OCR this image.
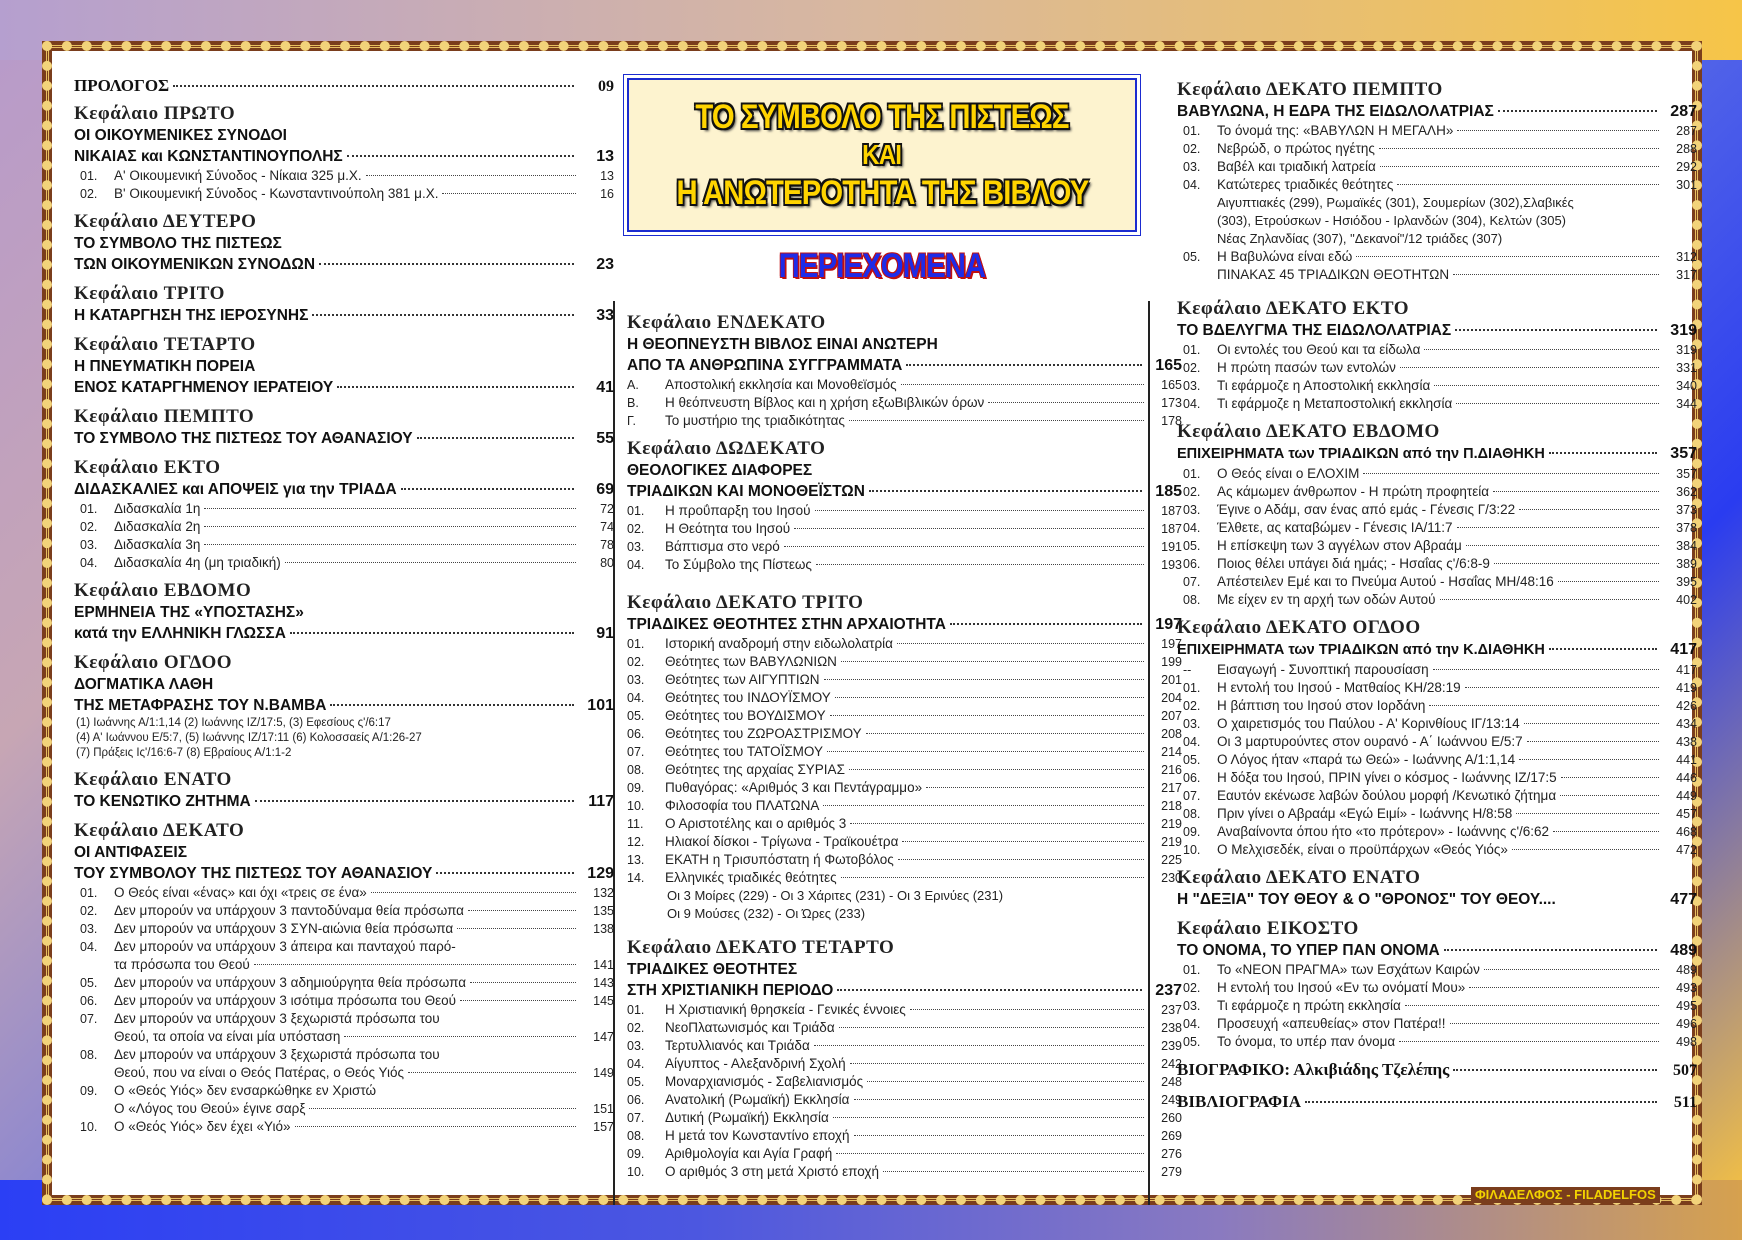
ΠΡΟΛΟΓΟΣ	09
Κεφάλαιο ΠΡΩΤΟ
ΟΙ ΟΙΚΟΥΜΕΝΙΚΕΣ ΣΥΝΟΔΟΙ
ΝΙΚΑΙΑΣ και ΚΩΝΣΤΑΝΤΙΝΟΥΠΟΛΗΣ	13
01.	Α' Οικουμενική Σύνοδος - Νίκαια 325 μ.Χ.	13
02.	Β' Οικουμενική Σύνοδος - Κωνσταντινούπολη 381 μ.Χ.	16
Κεφάλαιο ΔΕΥΤΕΡΟ
ΤΟ ΣΥΜΒΟΛΟ ΤΗΣ ΠΙΣΤΕΩΣ
ΤΩΝ ΟΙΚΟΥΜΕΝΙΚΩΝ ΣΥΝΟΔΩΝ	23
Κεφάλαιο ΤΡΙΤΟ
Η ΚΑΤΑΡΓΗΣΗ ΤΗΣ ΙΕΡΟΣΥΝΗΣ	33
Κεφάλαιο ΤΕΤΑΡΤΟ
Η ΠΝΕΥΜΑΤΙΚΗ ΠΟΡΕΙΑ
ΕΝΟΣ ΚΑΤΑΡΓΗΜΕΝΟΥ ΙΕΡΑΤΕΙΟΥ	41
Κεφάλαιο ΠΕΜΠΤΟ
ΤΟ ΣΥΜΒΟΛΟ ΤΗΣ ΠΙΣΤΕΩΣ ΤΟΥ ΑΘΑΝΑΣΙΟΥ	55
Κεφάλαιο ΕΚΤΟ
ΔΙΔΑΣΚΑΛΙΕΣ και ΑΠΟΨΕΙΣ για την ΤΡΙΑΔΑ	69
01.	Διδασκαλία 1η	72
02.	Διδασκαλία 2η	74
03.	Διδασκαλία 3η	78
04.	Διδασκαλία 4η (μη τριαδική)	80
Κεφάλαιο ΕΒΔΟΜΟ
ΕΡΜΗΝΕΙΑ ΤΗΣ «ΥΠΟΣΤΑΣΗΣ»
κατά την ΕΛΛΗΝΙΚΗ ΓΛΩΣΣΑ	91
Κεφάλαιο ΟΓΔΟΟ
ΔΟΓΜΑΤΙΚΑ ΛΑΘΗ
ΤΗΣ ΜΕΤΑΦΡΑΣΗΣ ΤΟΥ Ν.ΒΑΜΒΑ	101
(1) Ιωάννης Α/1:1,14 (2) Ιωάννης ΙΖ/17:5, (3) Εφεσίους ς'/6:17
(4) Α' Ιωάννου Ε/5:7, (5) Ιωάννης ΙΖ/17:11 (6) Κολοσσαείς Α/1:26-27
(7) Πράξεις Ις'/16:6-7 (8) Εβραίους Α/1:1-2
Κεφάλαιο ΕΝΑΤΟ
ΤΟ ΚΕΝΩΤΙΚΟ ΖΗΤΗΜΑ	117
Κεφάλαιο ΔΕΚΑΤΟ
ΟΙ ΑΝΤΙΦΑΣΕΙΣ
ΤΟΥ ΣΥΜΒΟΛΟΥ ΤΗΣ ΠΙΣΤΕΩΣ ΤΟΥ ΑΘΑΝΑΣΙΟΥ	129
01.	Ο Θεός είναι «ένας» και όχι «τρεις σε ένα»	132
02.	Δεν μπορούν να υπάρχουν 3 παντοδύναμα θεία πρόσωπα	135
03.	Δεν μπορούν να υπάρχουν 3 ΣΥΝ-αιώνια θεία πρόσωπα	138
04.	Δεν μπορούν να υπάρχουν 3 άπειρα και πανταχού παρό-
τα πρόσωπα του Θεού	141
05.	Δεν μπορούν να υπάρχουν 3 αδημιούργητα θεία πρόσωπα	143
06.	Δεν μπορούν να υπάρχουν 3 ισότιμα πρόσωπα του Θεού	145
07.	Δεν μπορούν να υπάρχουν 3 ξεχωριστά πρόσωπα του
Θεού, τα οποία να είναι μία υπόσταση	147
08.	Δεν μπορούν να υπάρχουν 3 ξεχωριστά πρόσωπα του
Θεού, που να είναι ο Θεός Πατέρας, ο Θεός Υιός	149
09.	Ο «Θεός Υιός» δεν ενσαρκώθηκε εν Χριστώ
Ο «Λόγος του Θεού» έγινε σαρξ	151
10.	Ο «Θεός Υιός» δεν έχει «Υιό»	157
ΤΟ ΣΥΜΒΟΛΟ ΤΗΣ ΠΙΣΤΕΩΣ
ΚΑΙ
Η ΑΝΩΤΕΡΟΤΗΤΑ ΤΗΣ ΒΙΒΛΟΥ
ΠΕΡΙΕΧΟΜΕΝΑ
Κεφάλαιο ΕΝΔΕΚΑΤΟ
Η ΘΕΟΠΝΕΥΣΤΗ ΒΙΒΛΟΣ ΕΙΝΑΙ ΑΝΩΤΕΡΗ
ΑΠΟ ΤΑ ΑΝΘΡΩΠΙΝΑ ΣΥΓΓΡΑΜΜΑΤΑ	165
Α.	Αποστολική εκκλησία και Μονοθεϊσμός	165
Β.	Η θεόπνευστη Βίβλος και η χρήση εξωΒιβλικών όρων	173
Γ.	Το μυστήριο της τριαδικότητας	178
Κεφάλαιο ΔΩΔΕΚΑΤΟ
ΘΕΟΛΟΓΙΚΕΣ ΔΙΑΦΟΡΕΣ
ΤΡΙΑΔΙΚΩΝ ΚΑΙ ΜΟΝΟΘΕΪΣΤΩΝ	185
01.	Η προΰπαρξη του Ιησού	187
02.	Η Θεότητα του Ιησού	187
03.	Βάπτισμα στο νερό	191
04.	Το Σύμβολο της Πίστεως	193
Κεφάλαιο ΔΕΚΑΤΟ ΤΡΙΤΟ
ΤΡΙΑΔΙΚΕΣ ΘΕΟΤΗΤΕΣ ΣΤΗΝ ΑΡΧΑΙΟΤΗΤΑ	197
01.	Ιστορική αναδρομή στην ειδωλολατρία	197
02.	Θεότητες των ΒΑΒΥΛΩΝΙΩΝ	199
03.	Θεότητες των ΑΙΓΥΠΤΙΩΝ	201
04.	Θεότητες του ΙΝΔΟΥΪΣΜΟΥ	204
05.	Θεότητες του ΒΟΥΔΙΣΜΟΥ	207
06.	Θεότητες του ΖΩΡΟΑΣΤΡΙΣΜΟΥ	208
07.	Θεότητες του ΤΑΤΟΪΣΜΟΥ	214
08.	Θεότητες της αρχαίας ΣΥΡΙΑΣ	216
09.	Πυθαγόρας: «Αριθμός 3 και Πεντάγραμμο»	217
10.	Φιλοσοφία του ΠΛΑΤΩΝΑ	218
11.	Ο Αριστοτέλης και ο αριθμός 3	219
12.	Ηλιακοί δίσκοι - Τρίγωνα - Τραϊκουέτρα	219
13.	ΕΚΑΤΗ η Τρισυπόστατη ή Φωτοβόλος	225
14.	Ελληνικές τριαδικές θεότητες	230
Οι 3 Μοίρες (229) - Οι 3 Χάριτες (231) - Οι 3 Ερινύες (231)
Οι 9 Μούσες (232) - Οι Ώρες (233)
Κεφάλαιο ΔΕΚΑΤΟ ΤΕΤΑΡΤΟ
ΤΡΙΑΔΙΚΕΣ ΘΕΟΤΗΤΕΣ
ΣΤΗ ΧΡΙΣΤΙΑΝΙΚΗ ΠΕΡΙΟΔΟ	237
01.	Η Χριστιανική θρησκεία - Γενικές έννοιες	237
02.	ΝεοΠλατωνισμός και Τριάδα	238
03.	Τερτυλλιανός και Τριάδα	239
04.	Αίγυπτος - Αλεξανδρινή Σχολή	242
05.	Μοναρχιανισμός - Σαβελιανισμός	248
06.	Ανατολική (Ρωμαϊκή) Εκκλησία	249
07.	Δυτική (Ρωμαϊκή) Εκκλησία	260
08.	Η μετά τον Κωνσταντίνο εποχή	269
09.	Αριθμολογία και Αγία Γραφή	276
10.	Ο αριθμός 3 στη μετά Χριστό εποχή	279
Κεφάλαιο ΔΕΚΑΤΟ ΠΕΜΠΤΟ
ΒΑΒΥΛΩΝΑ, Η ΕΔΡΑ ΤΗΣ ΕΙΔΩΛΟΛΑΤΡΙΑΣ	287
01.	Το όνομά της: «ΒΑΒΥΛΩΝ Η ΜΕΓΑΛΗ»	287
02.	Νεβρώδ, ο πρώτος ηγέτης	288
03.	Βαβέλ και τριαδική λατρεία	292
04.	Κατώτερες τριαδικές θεότητες	301
Αιγυπτιακές (299), Ρωμαϊκές (301), Σουμερίων (302),Σλαβικές
(303), Ετρούσκων - Ησιόδου - Ιρλανδών (304), Κελτών (305)
Νέας Ζηλανδίας (307), "Δεκανοί"/12 τριάδες (307)
05.	Η Βαβυλώνα είναι εδώ	312
ΠΙΝΑΚΑΣ 45 ΤΡΙΑΔΙΚΩΝ ΘΕΟΤΗΤΩΝ	317
Κεφάλαιο ΔΕΚΑΤΟ ΕΚΤΟ
ΤΟ ΒΔΕΛΥΓΜΑ ΤΗΣ ΕΙΔΩΛΟΛΑΤΡΙΑΣ	319
01.	Οι εντολές του Θεού και τα είδωλα	319
02.	Η πρώτη πασών των εντολών	331
03.	Τι εφάρμοζε η Αποστολική εκκλησία	340
04.	Τι εφάρμοζε η Μεταποστολική εκκλησία	344
Κεφάλαιο ΔΕΚΑΤΟ ΕΒΔΟΜΟ
ΕΠΙΧΕΙΡΗΜΑΤΑ των ΤΡΙΑΔΙΚΩΝ από την Π.ΔΙΑΘΗΚΗ	357
01.	Ο Θεός είναι ο ΕΛΟΧΙΜ	357
02.	Ας κάμωμεν άνθρωπον - Η πρώτη προφητεία	362
03.	Έγινε ο Αδάμ, σαν ένας από εμάς - Γένεσις Γ/3:22	373
04.	Έλθετε, ας καταβώμεν - Γένεσις ΙΑ/11:7	378
05.	Η επίσκεψη των 3 αγγέλων στον Αβραάμ	384
06.	Ποιος θέλει υπάγει διά ημάς; - Ησαΐας ς'/6:8-9	389
07.	Απέστειλεν Εμέ και το Πνεύμα Αυτού - Ησαΐας ΜΗ/48:16	395
08.	Με είχεν εν τη αρχή των οδών Αυτού	402
Κεφάλαιο ΔΕΚΑΤΟ ΟΓΔΟΟ
ΕΠΙΧΕΙΡΗΜΑΤΑ των ΤΡΙΑΔΙΚΩΝ από την Κ.ΔΙΑΘΗΚΗ	417
--	Εισαγωγή - Συνοπτική παρουσίαση	417
01.	Η εντολή του Ιησού - Ματθαίος ΚΗ/28:19	419
02.	Η βάπτιση του Ιησού στον Ιορδάνη	426
03.	Ο χαιρετισμός του Παύλου - Α' Κορινθίους ΙΓ/13:14	434
04.	Οι 3 μαρτυρούντες στον ουρανό - Α΄ Ιωάννου Ε/5:7	438
05.	Ο Λόγος ήταν «παρά τω Θεώ» - Ιωάννης Α/1:1,14	441
06.	Η δόξα του Ιησού, ΠΡΙΝ γίνει ο κόσμος - Ιωάννης ΙΖ/17:5	446
07.	Εαυτόν εκένωσε λαβών δούλου μορφή /Κενωτικό ζήτημα	449
08.	Πριν γίνει ο Αβραάμ «Εγώ Ειμί» - Ιωάννης Η/8:58	457
09.	Αναβαίνοντα όπου ήτο «το πρότερον» - Ιωάννης ς'/6:62	468
10.	Ο Μελχισεδέκ, είναι ο προϋπάρχων «Θεός Υιός»	472
Κεφάλαιο ΔΕΚΑΤΟ ΕΝΑΤΟ
Η "ΔΕΞΙΑ" ΤΟΥ ΘΕΟΥ & Ο "ΘΡΟΝΟΣ" ΤΟΥ ΘΕΟΥ....	477
Κεφάλαιο ΕΙΚΟΣΤΟ
ΤΟ ΟΝΟΜΑ, ΤΟ ΥΠΕΡ ΠΑΝ ΟΝΟΜΑ	489
01.	Το «ΝΕΟΝ ΠΡΑΓΜΑ» των Εσχάτων Καιρών	489
02.	Η εντολή του Ιησού «Εν τω ονόματί Μου»	493
03.	Τι εφάρμοζε η πρώτη εκκλησία	495
04.	Προσευχή «απευθείας» στον Πατέρα!!	496
05.	Το όνομα, το υπέρ παν όνομα	498
ΒΙΟΓΡΑΦΙΚΟ: Αλκιβιάδης Τζελέπης	507
ΒΙΒΛΙΟΓΡΑΦΙΑ	511
ΦΙΛΑΔΕΛΦΟΣ - FILADELFOS
